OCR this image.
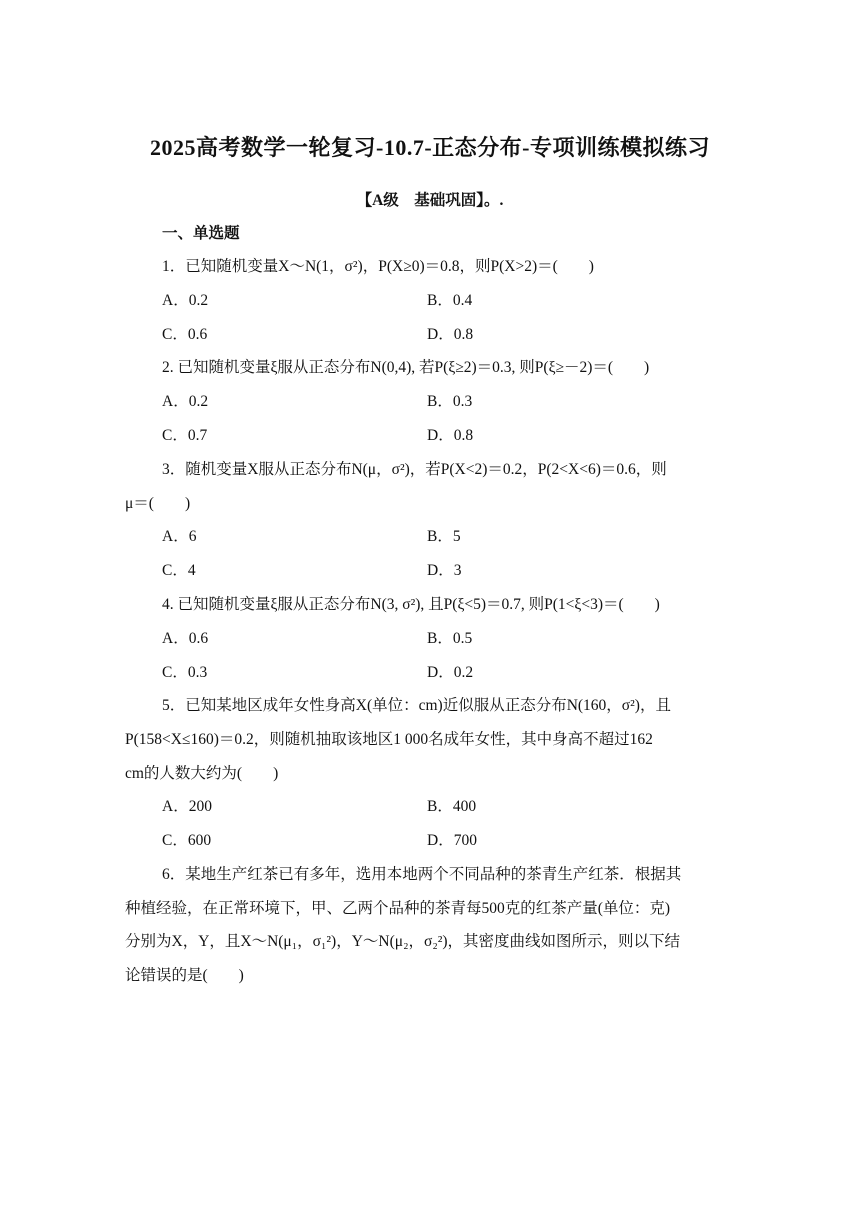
2025高考数学一轮复习-10.7-正态分布-专项训练模拟练习
【A级　基础巩固】。.
一、单选题
1．已知随机变量X～N(1，σ²)，P(X≥0)＝0.8，则P(X>2)＝(　　)
A．0.2	B．0.4
C．0.6	D．0.8
2. 已知随机变量ξ服从正态分布N(0,4), 若P(ξ≥2)＝0.3, 则P(ξ≥－2)＝(　　)
A．0.2	B．0.3
C．0.7	D．0.8
3．随机变量X服从正态分布N(μ，σ²)，若P(X<2)＝0.2，P(2<X<6)＝0.6，则
μ＝(　　)
A．6	B．5
C．4	D．3
4. 已知随机变量ξ服从正态分布N(3, σ²), 且P(ξ<5)＝0.7, 则P(1<ξ<3)＝(　　)
A．0.6	B．0.5
C．0.3	D．0.2
5．已知某地区成年女性身高X(单位：cm)近似服从正态分布N(160，σ²)，且
P(158<X≤160)＝0.2，则随机抽取该地区1 000名成年女性，其中身高不超过162
cm的人数大约为(　　)
A．200	B．400
C．600	D．700
6．某地生产红茶已有多年，选用本地两个不同品种的茶青生产红茶．根据其
种植经验，在正常环境下，甲、乙两个品种的茶青每500克的红茶产量(单位：克)
分别为X，Y，且X～N(μ₁，σ₁²)，Y～N(μ₂，σ₂²)，其密度曲线如图所示，则以下结
论错误的是(　　)
